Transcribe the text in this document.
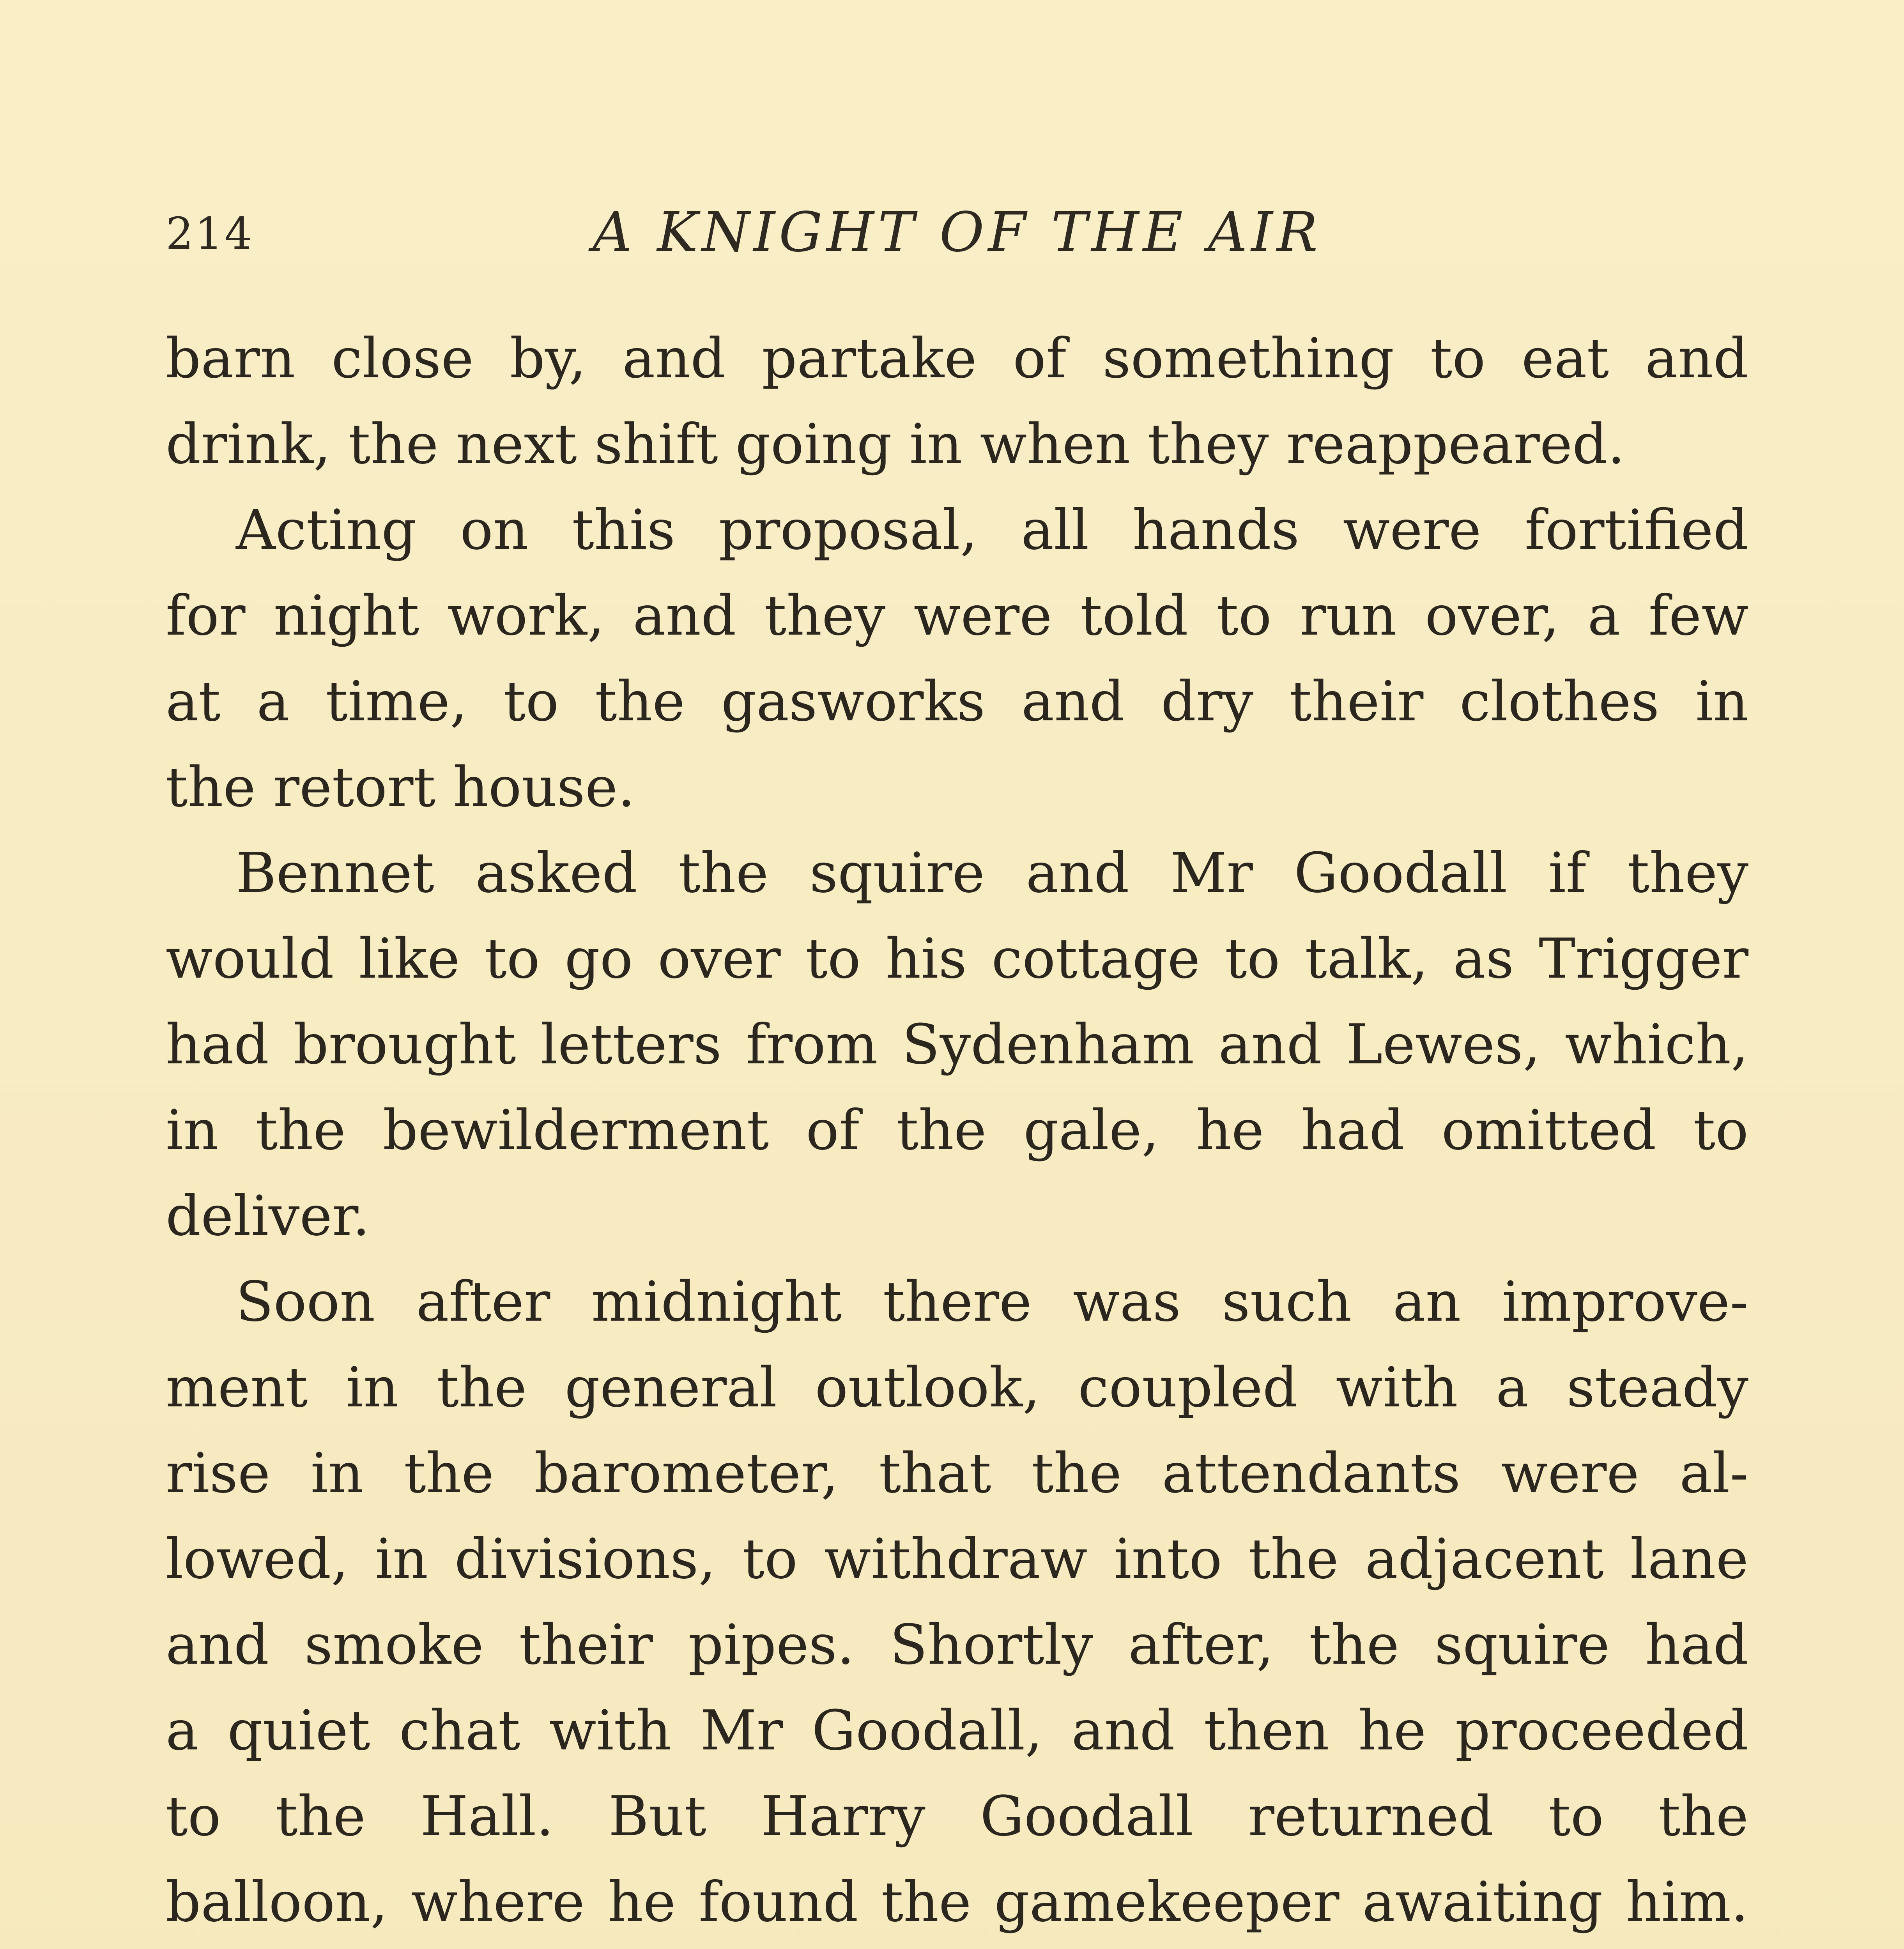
214	A KNIGHT OF THE AIR
barn close by, and partake of something to eat and
drink, the next shift going in when they reappeared.
Acting on this proposal, all hands were fortified
for night work, and they were told to run over, a few
at a time, to the gasworks and dry their clothes in
the retort house.
Bennet asked the squire and Mr Goodall if they
would like to go over to his cottage to talk, as Trigger
had brought letters from Sydenham and Lewes, which,
in the bewilderment of the gale, he had omitted to
deliver.
Soon after midnight there was such an improve-
ment in the general outlook, coupled with a steady
rise in the barometer, that the attendants were al-
lowed, in divisions, to withdraw into the adjacent lane
and smoke their pipes. Shortly after, the squire had
a quiet chat with Mr Goodall, and then he proceeded
to the Hall. But Harry Goodall returned to the
balloon, where he found the gamekeeper awaiting him.
